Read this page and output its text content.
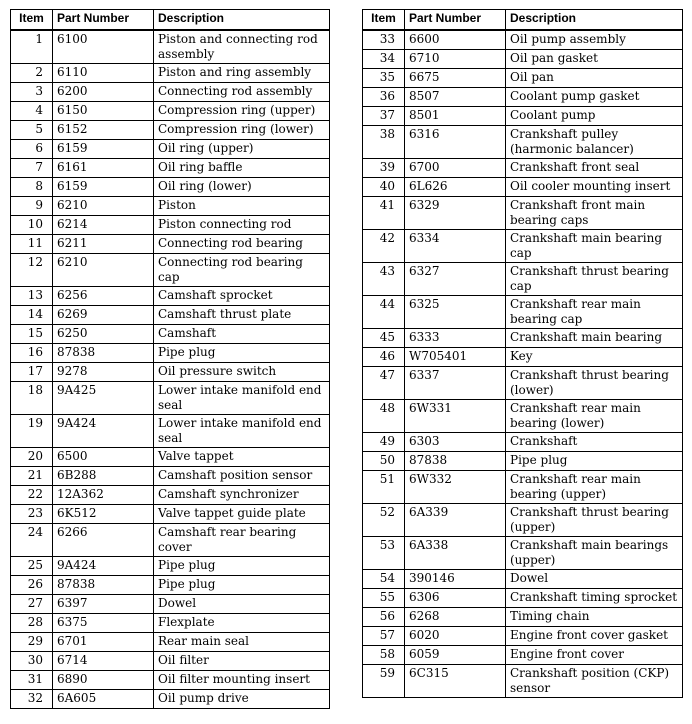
Item	Part Number	Description
1	6100	Piston and connecting rod assembly
2	6110	Piston and ring assembly
3	6200	Connecting rod assembly
4	6150	Compression ring (upper)
5	6152	Compression ring (lower)
6	6159	Oil ring (upper)
7	6161	Oil ring baffle
8	6159	Oil ring (lower)
9	6210	Piston
10	6214	Piston connecting rod
11	6211	Connecting rod bearing
12	6210	Connecting rod bearing cap
13	6256	Camshaft sprocket
14	6269	Camshaft thrust plate
15	6250	Camshaft
16	87838	Pipe plug
17	9278	Oil pressure switch
18	9A425	Lower intake manifold end seal
19	9A424	Lower intake manifold end seal
20	6500	Valve tappet
21	6B288	Camshaft position sensor
22	12A362	Camshaft synchronizer
23	6K512	Valve tappet guide plate
24	6266	Camshaft rear bearing cover
25	9A424	Pipe plug
26	87838	Pipe plug
27	6397	Dowel
28	6375	Flexplate
29	6701	Rear main seal
30	6714	Oil filter
31	6890	Oil filter mounting insert
32	6A605	Oil pump drive
Item	Part Number	Description
33	6600	Oil pump assembly
34	6710	Oil pan gasket
35	6675	Oil pan
36	8507	Coolant pump gasket
37	8501	Coolant pump
38	6316	Crankshaft pulley (harmonic balancer)
39	6700	Crankshaft front seal
40	6L626	Oil cooler mounting insert
41	6329	Crankshaft front main bearing caps
42	6334	Crankshaft main bearing cap
43	6327	Crankshaft thrust bearing cap
44	6325	Crankshaft rear main bearing cap
45	6333	Crankshaft main bearing
46	W705401	Key
47	6337	Crankshaft thrust bearing (lower)
48	6W331	Crankshaft rear main bearing (lower)
49	6303	Crankshaft
50	87838	Pipe plug
51	6W332	Crankshaft rear main bearing (upper)
52	6A339	Crankshaft thrust bearing (upper)
53	6A338	Crankshaft main bearings (upper)
54	390146	Dowel
55	6306	Crankshaft timing sprocket
56	6268	Timing chain
57	6020	Engine front cover gasket
58	6059	Engine front cover
59	6C315	Crankshaft position (CKP) sensor
